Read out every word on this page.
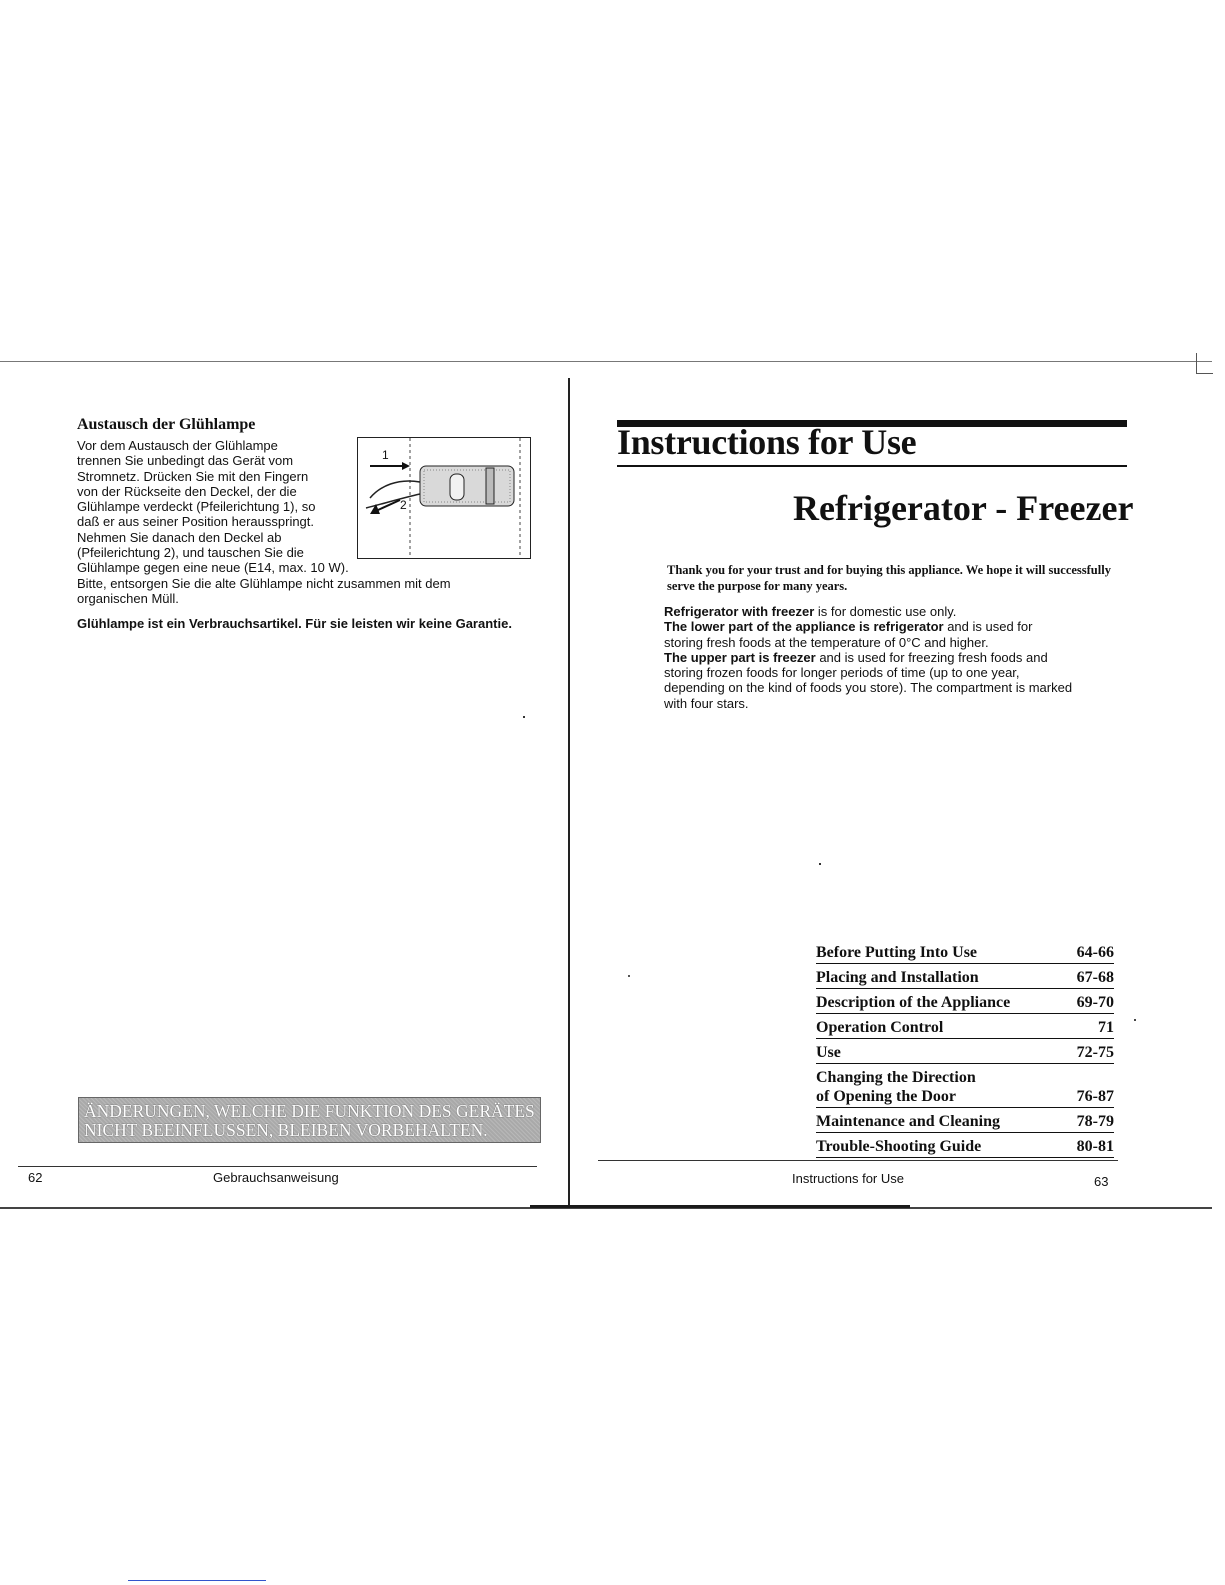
Austausch der Glühlampe
Vor dem Austausch der Glühlampe
trennen Sie unbedingt das Gerät vom
Stromnetz. Drücken Sie mit den Fingern
von der Rückseite den Deckel, der die
Glühlampe verdeckt (Pfeilerichtung 1), so
daß er aus seiner Position herausspringt.
Nehmen Sie danach den Deckel ab
(Pfeilerichtung 2), und tauschen Sie die
Glühlampe gegen eine neue (E14, max. 10 W).
Bitte, entsorgen Sie die alte Glühlampe nicht zusammen mit dem
organischen Müll.
Glühlampe ist ein Verbrauchsartikel. Für sie leisten wir keine Garantie.
1
2
ÄNDERUNGEN, WELCHE DIE FUNKTION DES GERÄTES
NICHT BEEINFLUSSEN, BLEIBEN VORBEHALTEN.
62	Gebrauchsanweisung
Instructions for Use
Refrigerator - Freezer
Thank you for your trust and for buying this appliance. We hope it will successfully serve the purpose for many years.
Refrigerator with freezer is for domestic use only.
The lower part of the appliance is refrigerator and is used for
storing fresh foods at the temperature of 0°C and higher.
The upper part is freezer and is used for freezing fresh foods and
storing frozen foods for longer periods of time (up to one year,
depending on the kind of foods you store). The compartment is marked
with four stars.
Before Putting Into Use	64-66
Placing and Installation	67-68
Description of the Appliance	69-70
Operation Control	71
Use	72-75
Changing the Direction
of Opening the Door	76-87
Maintenance and Cleaning	78-79
Trouble-Shooting Guide	80-81
Instructions for Use	63
